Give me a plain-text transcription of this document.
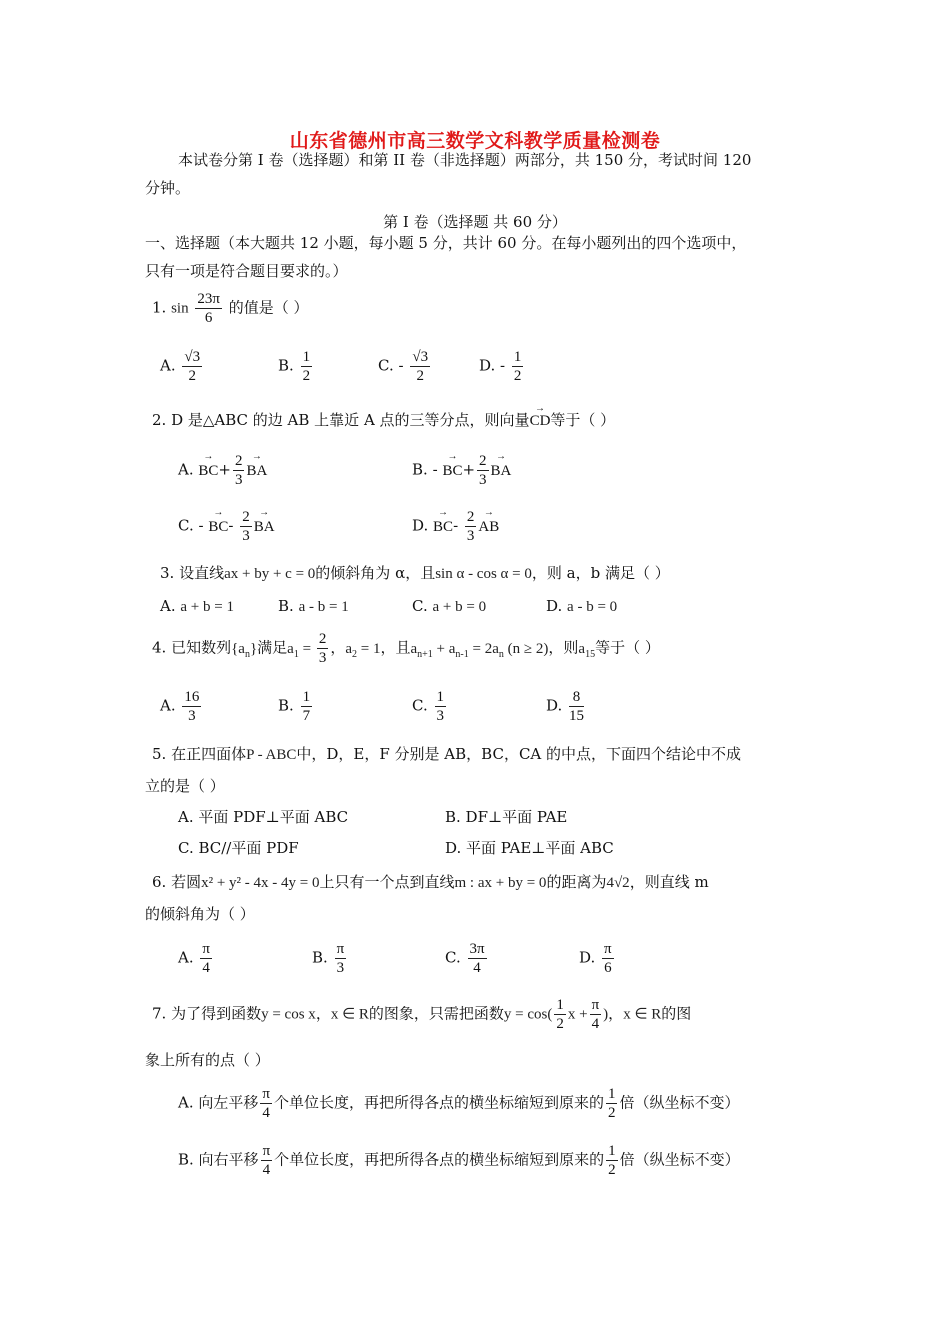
山东省德州市高三数学文科教学质量检测卷
本试卷分第 I 卷（选择题）和第 II 卷（非选择题）两部分，共 150 分，考试时间 120
分钟。
第 I 卷（选择题 共 60 分）
一、选择题（本大题共 12 小题，每小题 5 分，共计 60 分。在每小题列出的四个选项中，
只有一项是符合题目要求的。）
1. $\sin \frac{23\pi}{6}$ 的值是（ ）
A. $\frac{√3}{2}$	B. $\frac{1}{2}$	C. - $\frac{√3}{2}$	D. - $\frac{1}{2}$
2. D 是△ABC 的边 AB 上靠近 A 点的三等分点，则向量→ CD等于（ ）
A. → $BC+ \frac{2}{3}$ → BA	B. - → $BC+ \frac{2}{3}$ → BA
C. - → $BC- \frac{2}{3}$ → BA	D. → $BC- \frac{2}{3}$ → AB
3. 设直线ax + by + c = 0的倾斜角为 α，且sin α - cos α = 0，则 a，b 满足（ ）
A. a + b = 1	B. a - b = 1	C. a + b = 0	D. a - b = 0
4. 已知数列$\{a_n\}$满足$a_1 = \frac{2}{3}$ ，$a_2 = 1$，且$a_{n+1} + a_{n-1} = 2a_n$ (n ≥ 2)，则$a_{15}$等于（ ）
A. $\frac{16}{3}$	B. $\frac{1}{7}$	C. $\frac{1}{3}$	D. $\frac{8}{15}$
5. 在正四面体P - ABC中，D，E，F 分别是 AB，BC，CA 的中点，下面四个结论中不成
立的是（ ）
A. 平面 PDF⊥平面 ABC	B. DF⊥平面 PAE
C. BC//平面 PDF	D. 平面 PAE⊥平面 ABC
6. 若圆x² + y² - 4x - 4y = 0上只有一个点到直线m : ax + by = 0的距离为4√2，则直线 m
的倾斜角为（ ）
A. $\frac{\pi}{4}$	B. $\frac{\pi}{3}$	C. $\frac{3\pi}{4}$	D. $\frac{\pi}{6}$
7. 为了得到函数y = cos x，x ∈ R的图象，只需把函数$y = \cos( \frac{1}{2}$ $x + \frac{\pi}{4}$ )，x ∈ R的图
象上所有的点（ ）
A. 向左平移 $\frac{\pi}{4}$ 个单位长度，再把所得各点的横坐标缩短到原来的 $\frac{1}{2}$ 倍（纵坐标不变）
B. 向右平移 $\frac{\pi}{4}$ 个单位长度，再把所得各点的横坐标缩短到原来的 $\frac{1}{2}$ 倍（纵坐标不变）
